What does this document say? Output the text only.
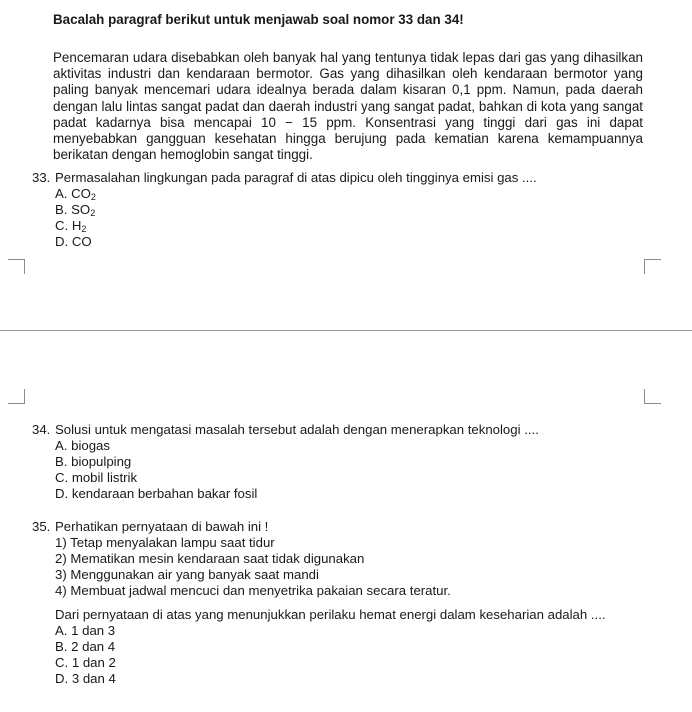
Bacalah paragraf berikut untuk menjawab soal nomor 33 dan 34!
Pencemaran udara disebabkan oleh banyak hal yang tentunya tidak lepas dari gas yang dihasilkan aktivitas industri dan kendaraan bermotor. Gas yang dihasilkan oleh kendaraan bermotor yang paling banyak mencemari udara idealnya berada dalam kisaran 0,1 ppm. Namun, pada daerah dengan lalu lintas sangat padat dan daerah industri yang sangat padat, bahkan di kota yang sangat padat kadarnya bisa mencapai 10 − 15 ppm. Konsentrasi yang tinggi dari gas ini dapat menyebabkan gangguan kesehatan hingga berujung pada kematian karena kemampuannya berikatan dengan hemoglobin sangat tinggi.
33. Permasalahan lingkungan pada paragraf di atas dipicu oleh tingginya emisi gas ....
A. $CO_2$
B. $SO_2$
C. $H_2$
D. CO
34. Solusi untuk mengatasi masalah tersebut adalah dengan menerapkan teknologi ....
A. biogas
B. biopulping
C. mobil listrik
D. kendaraan berbahan bakar fosil
35. Perhatikan pernyataan di bawah ini !
1) Tetap menyalakan lampu saat tidur
2) Mematikan mesin kendaraan saat tidak digunakan
3) Menggunakan air yang banyak saat mandi
4) Membuat jadwal mencuci dan menyetrika pakaian secara teratur.
Dari pernyataan di atas yang menunjukkan perilaku hemat energi dalam keseharian adalah ....
A. 1 dan 3
B. 2 dan 4
C. 1 dan 2
D. 3 dan 4
